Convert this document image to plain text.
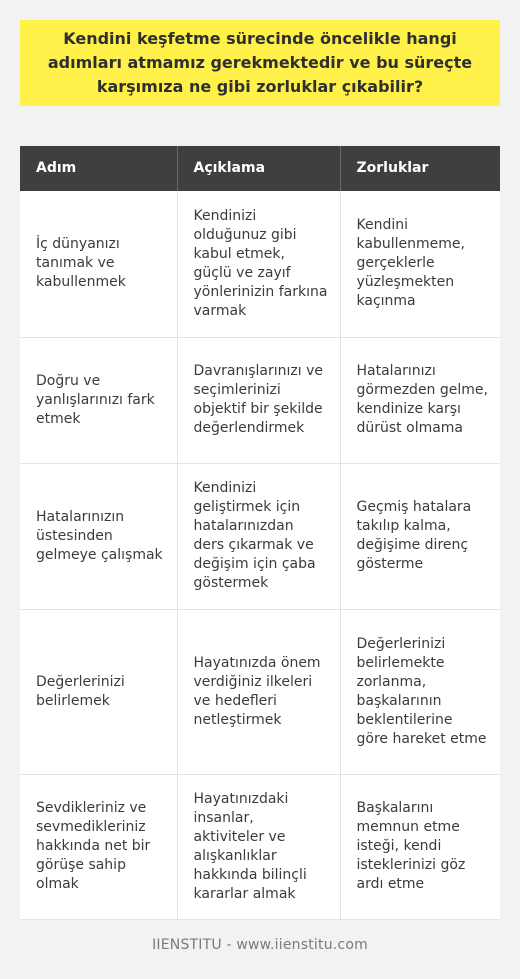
Kendini keşfetme sürecinde öncelikle hangi adımları atmamız gerekmektedir ve bu süreçte karşımıza ne gibi zorluklar çıkabilir?
Adım	Açıklama	Zorluklar
İç dünyanızı tanımak ve kabullenmek	Kendinizi olduğunuz gibi kabul etmek, güçlü ve zayıf yönlerinizin farkına varmak	Kendini kabullenmeme, gerçeklerle yüzleşmekten kaçınma
Doğru ve yanlışlarınızı fark etmek	Davranışlarınızı ve seçimlerinizi objektif bir şekilde değerlendirmek	Hatalarınızı görmezden gelme, kendinize karşı dürüst olmama
Hatalarınızın üstesinden gelmeye çalışmak	Kendinizi geliştirmek için hatalarınızdan ders çıkarmak ve değişim için çaba göstermek	Geçmiş hatalara takılıp kalma, değişime direnç gösterme
Değerlerinizi belirlemek	Hayatınızda önem verdiğiniz ilkeleri ve hedefleri netleştirmek	Değerlerinizi belirlemekte zorlanma, başkalarının beklentilerine göre hareket etme
Sevdikleriniz ve sevmedikleriniz hakkında net bir görüşe sahip olmak	Hayatınızdaki insanlar, aktiviteler ve alışkanlıklar hakkında bilinçli kararlar almak	Başkalarını memnun etme isteği, kendi isteklerinizi göz ardı etme
IIENSTITU - www.iienstitu.com
